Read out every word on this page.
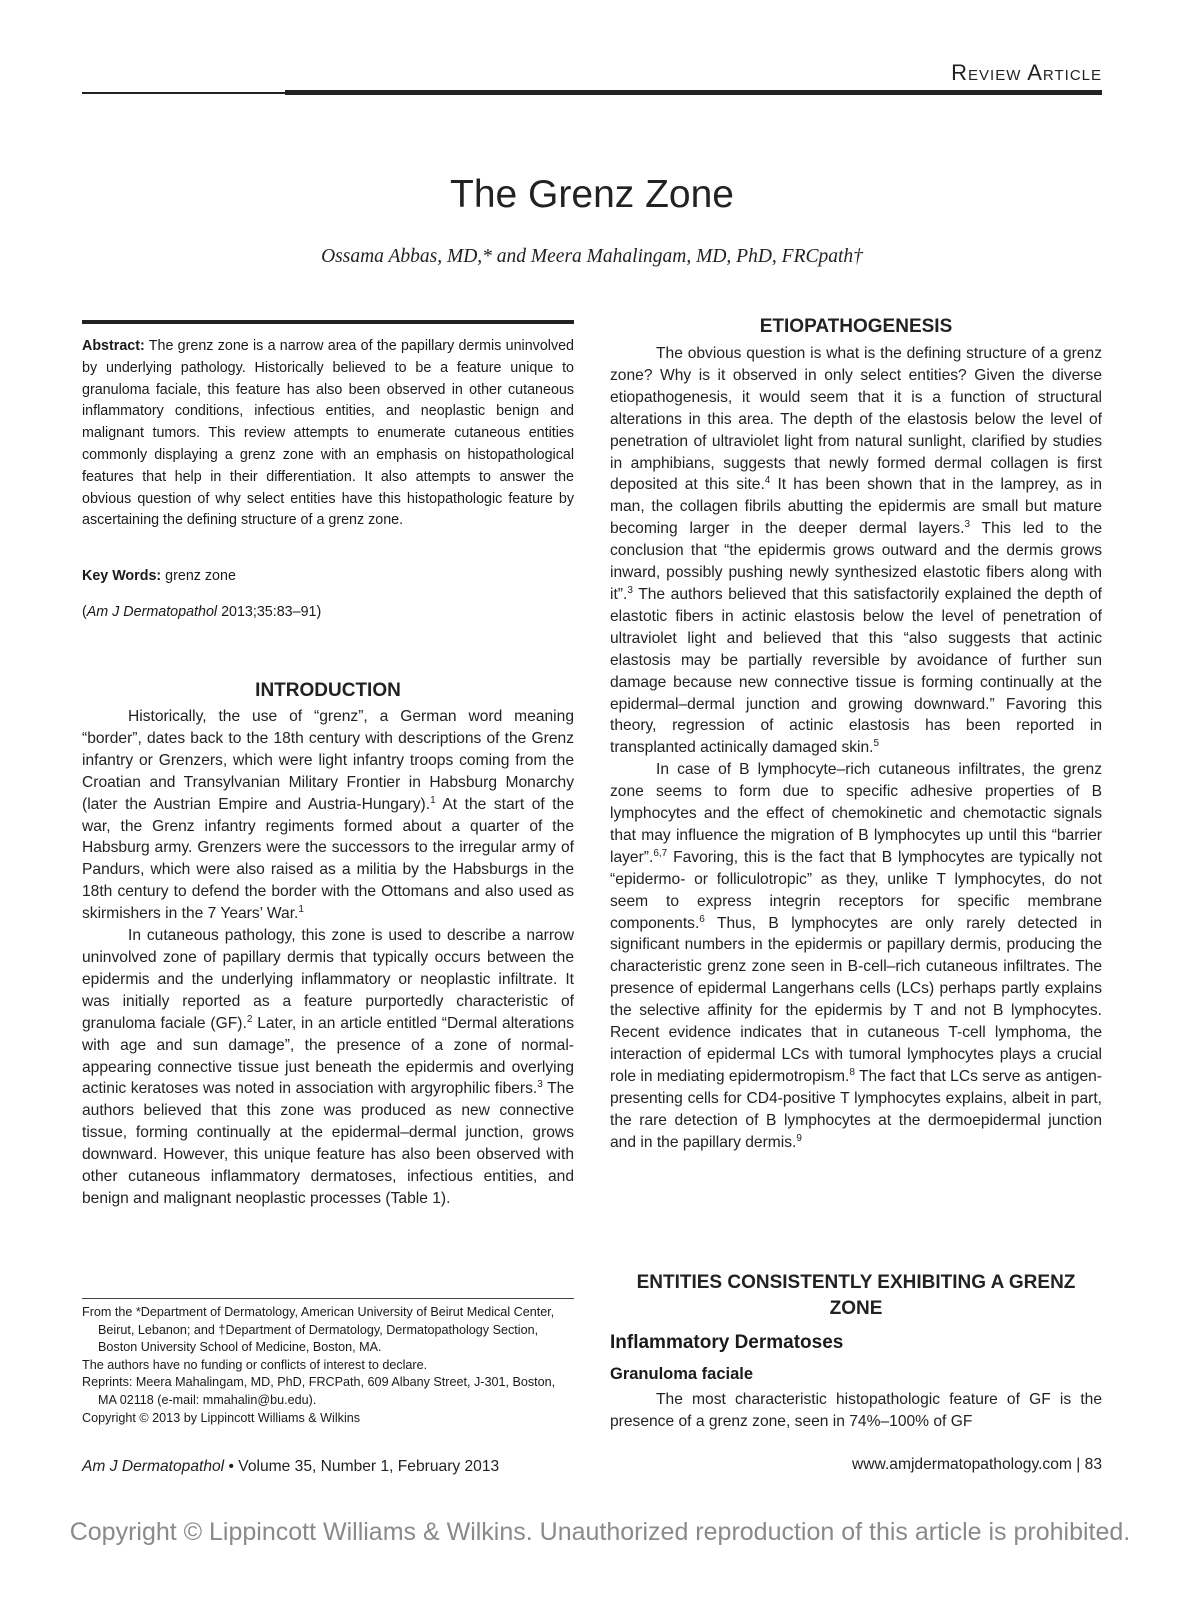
Review Article
The Grenz Zone
Ossama Abbas, MD,* and Meera Mahalingam, MD, PhD, FRCpath†
Abstract: The grenz zone is a narrow area of the papillary dermis uninvolved by underlying pathology. Historically believed to be a feature unique to granuloma faciale, this feature has also been observed in other cutaneous inflammatory conditions, infectious entities, and neoplastic benign and malignant tumors. This review attempts to enumerate cutaneous entities commonly displaying a grenz zone with an emphasis on histopathological features that help in their differentiation. It also attempts to answer the obvious question of why select entities have this histopathologic feature by ascertaining the defining structure of a grenz zone.
Key Words: grenz zone
(Am J Dermatopathol 2013;35:83–91)
INTRODUCTION

Historically, the use of “grenz”, a German word meaning “border”, dates back to the 18th century with descriptions of the Grenz infantry or Grenzers, which were light infantry troops coming from the Croatian and Transylvanian Military Frontier in Habsburg Monarchy (later the Austrian Empire and Austria-Hungary).$^1$ At the start of the war, the Grenz infantry regiments formed about a quarter of the Habsburg army. Grenzers were the successors to the irregular army of Pandurs, which were also raised as a militia by the Habsburgs in the 18th century to defend the border with the Ottomans and also used as skirmishers in the 7 Years’ War.$^1$

In cutaneous pathology, this zone is used to describe a narrow uninvolved zone of papillary dermis that typically occurs between the epidermis and the underlying inflammatory or neoplastic infiltrate. It was initially reported as a feature purportedly characteristic of granuloma faciale (GF).$^2$ Later, in an article entitled “Dermal alterations with age and sun damage”, the presence of a zone of normal-appearing connective tissue just beneath the epidermis and overlying actinic keratoses was noted in association with argyrophilic fibers.$^3$ The authors believed that this zone was produced as new connective tissue, forming continually at the epidermal–dermal junction, grows downward. However, this unique feature has also been observed with other cutaneous inflammatory dermatoses, infectious entities, and benign and malignant neoplastic processes (Table 1).

From the *Department of Dermatology, American University of Beirut Medical Center, Beirut, Lebanon; and †Department of Dermatology, Dermatopathology Section, Boston University School of Medicine, Boston, MA.
The authors have no funding or conflicts of interest to declare.
Reprints: Meera Mahalingam, MD, PhD, FRCPath, 609 Albany Street, J-301, Boston, MA 02118 (e-mail: mmahalin@bu.edu).
Copyright © 2013 by Lippincott Williams & Wilkins
ETIOPATHOGENESIS

The obvious question is what is the defining structure of a grenz zone? Why is it observed in only select entities? Given the diverse etiopathogenesis, it would seem that it is a function of structural alterations in this area. The depth of the elastosis below the level of penetration of ultraviolet light from natural sunlight, clarified by studies in amphibians, suggests that newly formed dermal collagen is first deposited at this site.$^4$ It has been shown that in the lamprey, as in man, the collagen fibrils abutting the epidermis are small but mature becoming larger in the deeper dermal layers.$^3$ This led to the conclusion that “the epidermis grows outward and the dermis grows inward, possibly pushing newly synthesized elastotic fibers along with it”.$^3$ The authors believed that this satisfactorily explained the depth of elastotic fibers in actinic elastosis below the level of penetration of ultraviolet light and believed that this “also suggests that actinic elastosis may be partially reversible by avoidance of further sun damage because new connective tissue is forming continually at the epidermal–dermal junction and growing downward.” Favoring this theory, regression of actinic elastosis has been reported in transplanted actinically damaged skin.$^5$

In case of B lymphocyte–rich cutaneous infiltrates, the grenz zone seems to form due to specific adhesive properties of B lymphocytes and the effect of chemokinetic and chemotactic signals that may influence the migration of B lymphocytes up until this “barrier layer”.$^{6,7}$ Favoring, this is the fact that B lymphocytes are typically not “epidermo- or folliculotropic” as they, unlike T lymphocytes, do not seem to express integrin receptors for specific membrane components.$^6$ Thus, B lymphocytes are only rarely detected in significant numbers in the epidermis or papillary dermis, producing the characteristic grenz zone seen in B-cell–rich cutaneous infiltrates. The presence of epidermal Langerhans cells (LCs) perhaps partly explains the selective affinity for the epidermis by T and not B lymphocytes. Recent evidence indicates that in cutaneous T-cell lymphoma, the interaction of epidermal LCs with tumoral lymphocytes plays a crucial role in mediating epidermotropism.$^8$ The fact that LCs serve as antigen-presenting cells for CD4-positive T lymphocytes explains, albeit in part, the rare detection of B lymphocytes at the dermoepidermal junction and in the papillary dermis.$^9$

ENTITIES CONSISTENTLY EXHIBITING A GRENZ ZONE
Inflammatory Dermatoses
Granuloma faciale

The most characteristic histopathologic feature of GF is the presence of a grenz zone, seen in 74%–100% of GF

Am J Dermatopathol • Volume 35, Number 1, February 2013	www.amjdermatopathology.com | 83
Copyright © Lippincott Williams & Wilkins. Unauthorized reproduction of this article is prohibited.
